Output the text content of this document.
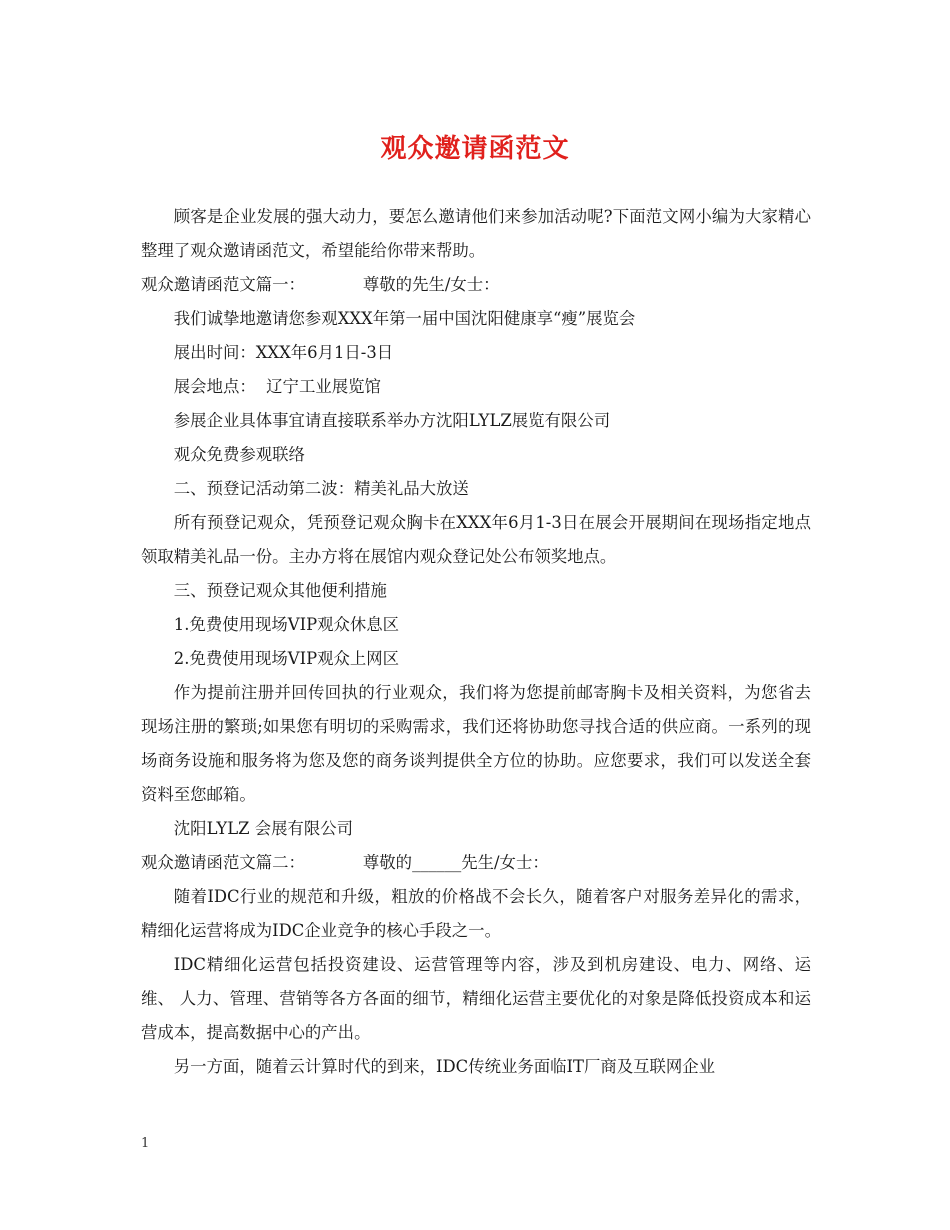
观众邀请函范文

顾客是企业发展的强大动力，要怎么邀请他们来参加活动呢?下面范文网小编为大家精心整理了观众邀请函范文，希望能给你带来帮助。

观众邀请函范文篇一：	尊敬的先生/女士：

我们诚挚地邀请您参观XXX年第一届中国沈阳健康享“瘦”展览会

展出时间：XXX年6月1日-3日

展会地点：  辽宁工业展览馆

参展企业具体事宜请直接联系举办方沈阳LYLZ展览有限公司

观众免费参观联络

二、预登记活动第二波：精美礼品大放送

所有预登记观众，凭预登记观众胸卡在XXX年6月1-3日在展会开展期间在现场指定地点领取精美礼品一份。主办方将在展馆内观众登记处公布领奖地点。

三、预登记观众其他便利措施

1.免费使用现场VIP观众休息区

2.免费使用现场VIP观众上网区

作为提前注册并回传回执的行业观众，我们将为您提前邮寄胸卡及相关资料，为您省去现场注册的繁琐;如果您有明切的采购需求，我们还将协助您寻找合适的供应商。一系列的现场商务设施和服务将为您及您的商务谈判提供全方位的协助。应您要求，我们可以发送全套资料至您邮箱。

沈阳LYLZ 会展有限公司

观众邀请函范文篇二：	尊敬的______先生/女士：

随着IDC行业的规范和升级，粗放的价格战不会长久，随着客户对服务差异化的需求，精细化运营将成为IDC企业竞争的核心手段之一。

IDC精细化运营包括投资建设、运营管理等内容，涉及到机房建设、电力、网络、运维、 人力、管理、营销等各方各面的细节，精细化运营主要优化的对象是降低投资成本和运营成本，提高数据中心的产出。

另一方面，随着云计算时代的到来，IDC传统业务面临IT厂商及互联网企业

1
